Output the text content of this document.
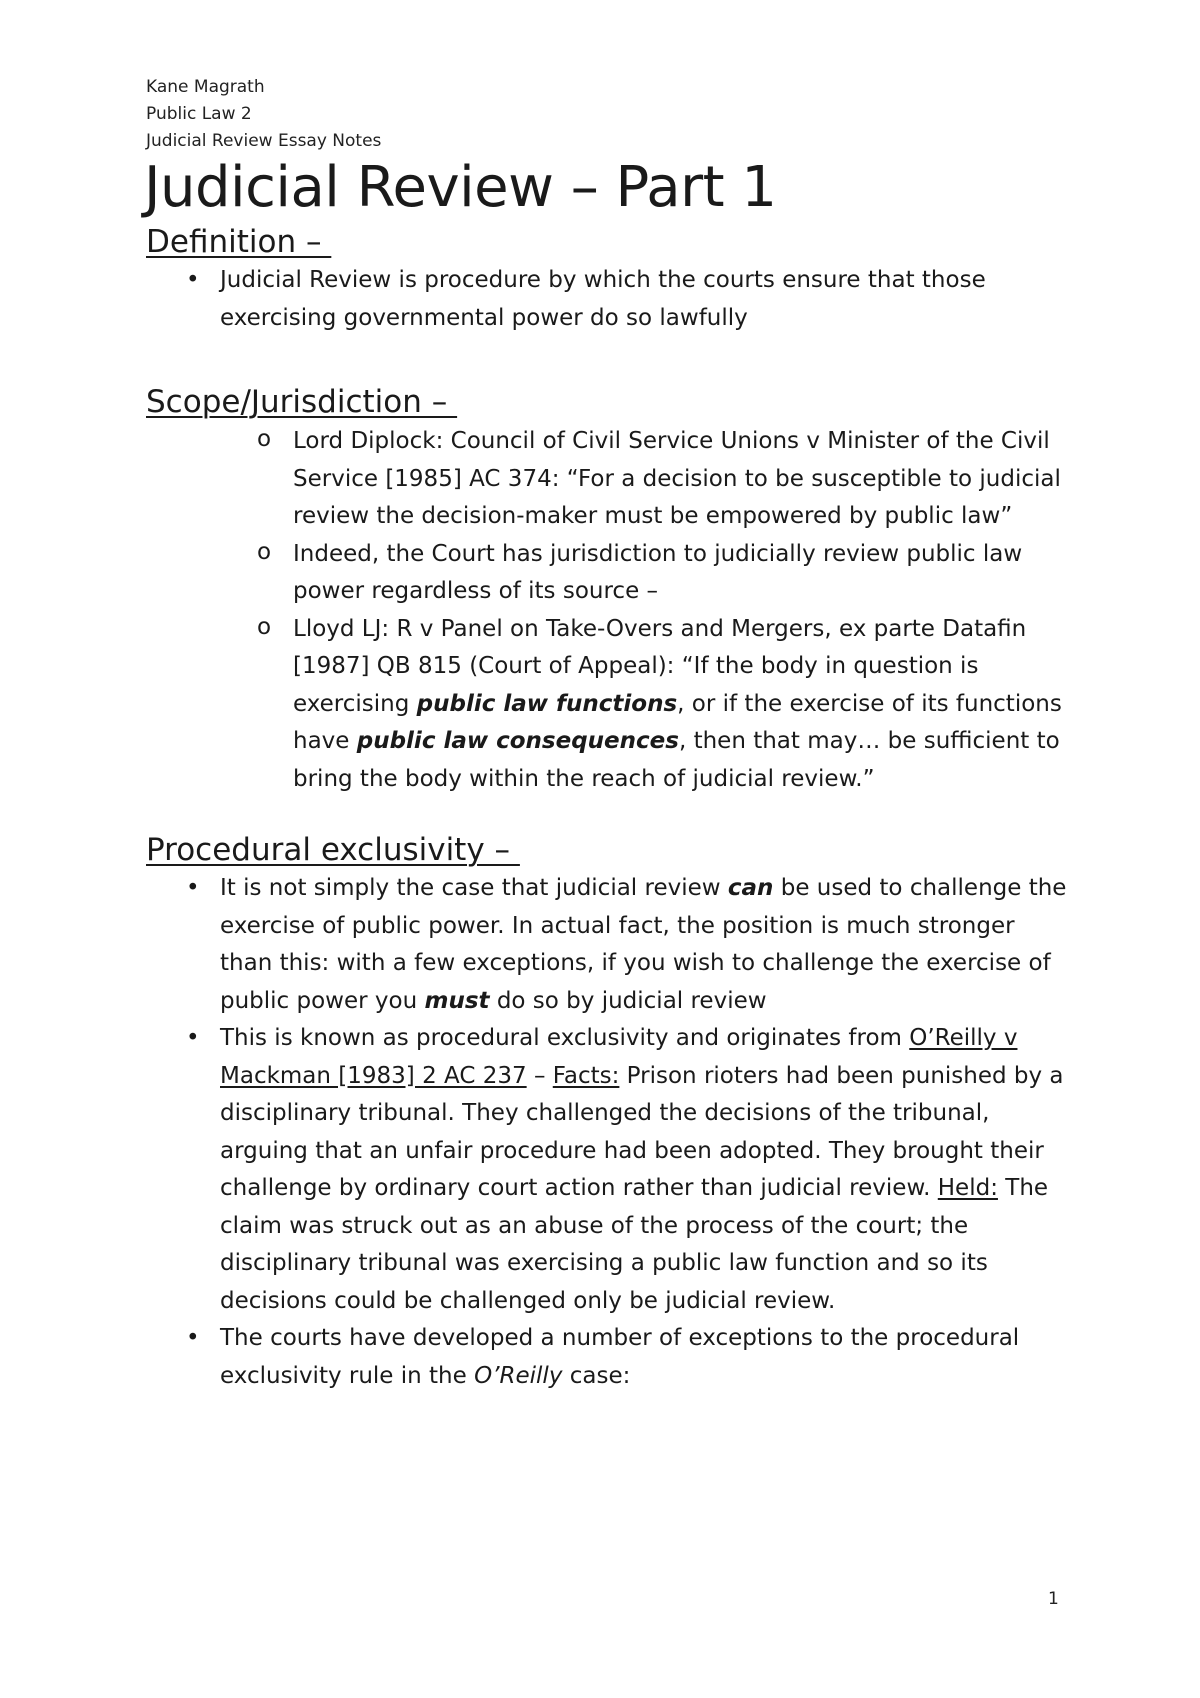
Kane Magrath
Public Law 2
Judicial Review Essay Notes
Judicial Review – Part 1
Definition –
• Judicial Review is procedure by which the courts ensure that those exercising governmental power do so lawfully
Scope/Jurisdiction –
o Lord Diplock: Council of Civil Service Unions v Minister of the Civil Service [1985] AC 374: “For a decision to be susceptible to judicial review the decision-maker must be empowered by public law”
o Indeed, the Court has jurisdiction to judicially review public law power regardless of its source –
o Lloyd LJ: R v Panel on Take-Overs and Mergers, ex parte Datafin [1987] QB 815 (Court of Appeal): “If the body in question is exercising public law functions, or if the exercise of its functions have public law consequences, then that may… be sufficient to bring the body within the reach of judicial review.”
Procedural exclusivity –
• It is not simply the case that judicial review can be used to challenge the exercise of public power. In actual fact, the position is much stronger than this: with a few exceptions, if you wish to challenge the exercise of public power you must do so by judicial review
• This is known as procedural exclusivity and originates from O’Reilly v Mackman [1983] 2 AC 237 – Facts: Prison rioters had been punished by a disciplinary tribunal. They challenged the decisions of the tribunal, arguing that an unfair procedure had been adopted. They brought their challenge by ordinary court action rather than judicial review. Held: The claim was struck out as an abuse of the process of the court; the disciplinary tribunal was exercising a public law function and so its decisions could be challenged only be judicial review.
• The courts have developed a number of exceptions to the procedural exclusivity rule in the O’Reilly case:
1
